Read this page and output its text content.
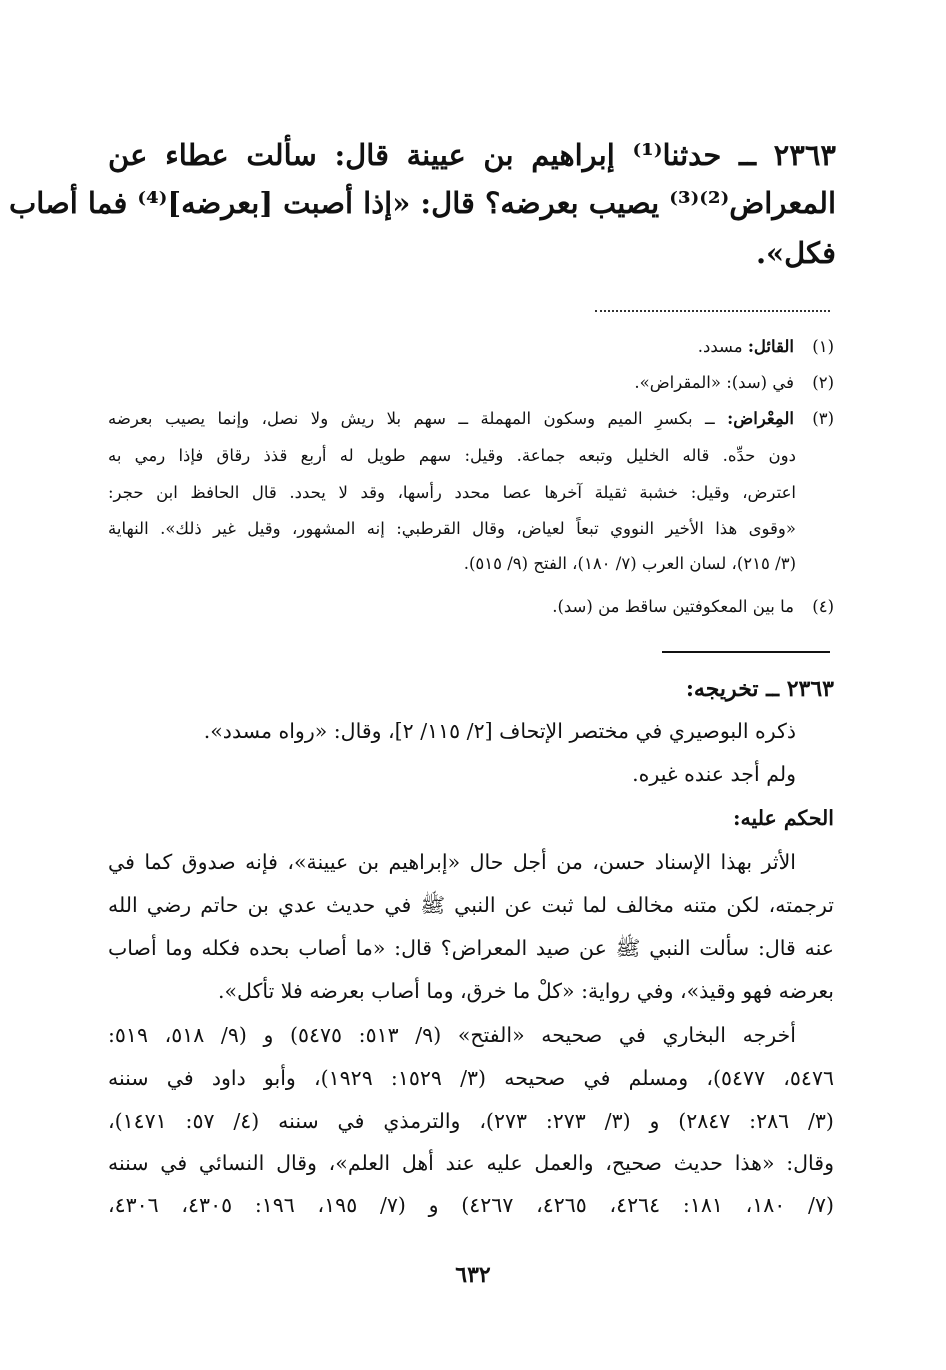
٢٣٦٣ ــ حدثنا⁽¹⁾ إبراهيم بن عيينة قال: سألت عطاء عن

المعراض⁽²⁾⁽³⁾ يصيب بعرضه؟ قال: «إذا أصبت [بعرضه]⁽⁴⁾ فما أصاب

فكل».

(١)القائل: مسدد.

(٢)في (سد): «المقراض».

(٣)المِعْراض: ــ بكسرِ الميم وسكون المهملة ــ سهم بلا ريش ولا نصل، وإنما يصيب بعرضه

دون حدِّه. قاله الخليل وتبعه جماعة. وقيل: سهم طويل له أربع قذذ رقاق فإذا رمي به

اعترض، وقيل: خشبة ثقيلة آخرها عصا محدد رأسها، وقد لا يحدد. قال الحافظ ابن حجر:

«وقوى هذا الأخير النووي تبعاً لعياض، وقال القرطبي: إنه المشهور، وقيل غير ذلك». النهاية

(٣/ ٢١٥)، لسان العرب (٧/ ١٨٠)، الفتح (٩/ ٥١٥).

(٤)ما بين المعكوفتين ساقط من (سد).

٢٣٦٣ ــ تخريجه:

ذكره البوصيري في مختصر الإتحاف [٢/ ١١٥/ ٢]، وقال: «رواه مسدد».

ولم أجد عنده غيره.

الحكم عليه:

الأثر بهذا الإسناد حسن، من أجل حال «إبراهيم بن عيينة»، فإنه صدوق كما في

ترجمته، لكن متنه مخالف لما ثبت عن النبي ﷺ في حديث عدي بن حاتم رضي الله

عنه قال: سألت النبي ﷺ عن صيد المعراض؟ قال: «ما أصاب بحده فكله وما أصاب

بعرضه فهو وقيذ»، وفي رواية: «كلْ ما خرق، وما أصاب بعرضه فلا تأكل».

أخرجه البخاري في صحيحه «الفتح» (٩/ ٥١٣: ٥٤٧٥) و (٩/ ٥١٨، ٥١٩:

٥٤٧٦، ٥٤٧٧)، ومسلم في صحيحه (٣/ ١٥٢٩: ١٩٢٩)، وأبو داود في سننه

(٣/ ٢٨٦: ٢٨٤٧) و (٣/ ٢٧٣: ٢٧٣)، والترمذي في سننه (٤/ ٥٧: ١٤٧١)،

وقال: «هذا حديث صحيح، والعمل عليه عند أهل العلم»، وقال النسائي في سننه

(٧/ ١٨٠، ١٨١: ٤٢٦٤، ٤٢٦٥، ٤٢٦٧) و (٧/ ١٩٥، ١٩٦: ٤٣٠٥، ٤٣٠٦،

٦٣٢
